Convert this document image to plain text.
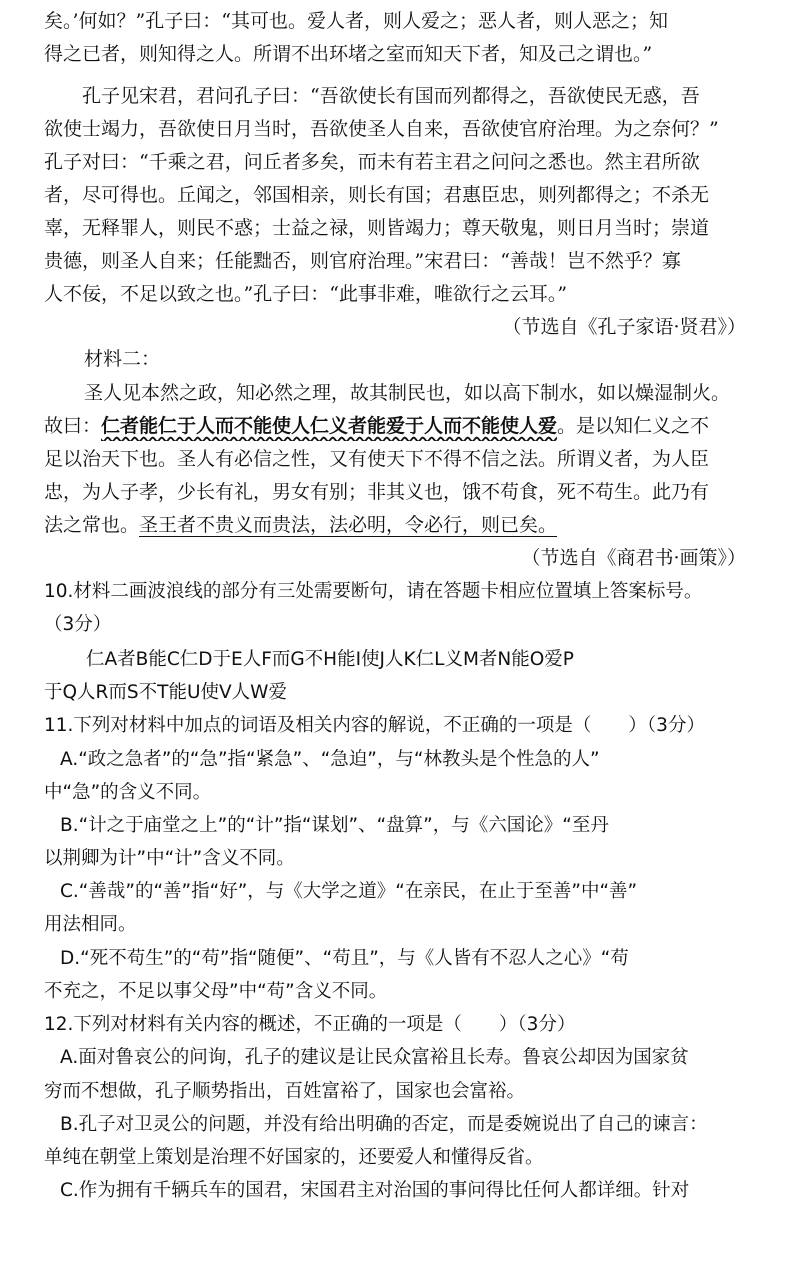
矣。’何如？”孔子曰：“其可也。爱人者，则人爱之；恶人者，则人恶之；知
得之已者，则知得之人。所谓不出环堵之室而知天下者，知及己之谓也。”
孔子见宋君，君问孔子曰：“吾欲使长有国而列都得之，吾欲使民无惑，吾
欲使士竭力，吾欲使日月当时，吾欲使圣人自来，吾欲使官府治理。为之奈何？”
孔子对曰：“千乘之君，问丘者多矣，而未有若主君之问问之悉也。然主君所欲
者，尽可得也。丘闻之，邻国相亲，则长有国；君惠臣忠，则列都得之；不杀无
辜，无释罪人，则民不惑；士益之禄，则皆竭力；尊天敬鬼，则日月当时；崇道
贵德，则圣人自来；任能黜否，则官府治理。”宋君曰：“善哉！岂不然乎？寡
人不佞，不足以致之也。”孔子曰：“此事非难，唯欲行之云耳。”
（节选自《孔子家语·贤君》）
材料二：
圣人见本然之政，知必然之理，故其制民也，如以高下制水，如以燥湿制火。
故曰：仁者能仁于人而不能使人仁义者能爱于人而不能使人爱。是以知仁义之不
足以治天下也。圣人有必信之性，又有使天下不得不信之法。所谓义者，为人臣
忠，为人子孝，少长有礼，男女有别；非其义也，饿不苟食，死不苟生。此乃有
法之常也。圣王者不贵义而贵法，法必明，令必行，则已矣。
（节选自《商君书·画策》）
10.材料二画波浪线的部分有三处需要断句，请在答题卡相应位置填上答案标号。
（3分）
仁A者B能C仁D于E人F而G不H能I使J人K仁L义M者N能O爱P
于Q人R而S不T能U使V人W爱
11.下列对材料中加点的词语及相关内容的解说，不正确的一项是（　　）（3分）
A.“政之急者”的“急”指“紧急”、“急迫”，与“林教头是个性急的人”
中“急”的含义不同。
B.“计之于庙堂之上”的“计”指“谋划”、“盘算”，与《六国论》“至丹
以荆卿为计”中“计”含义不同。
C.“善哉”的“善”指“好”，与《大学之道》“在亲民，在止于至善”中“善”
用法相同。
D.“死不苟生”的“苟”指“随便”、“苟且”，与《人皆有不忍人之心》“苟
不充之，不足以事父母”中“苟”含义不同。
12.下列对材料有关内容的概述，不正确的一项是（　　）（3分）
A.面对鲁哀公的问询，孔子的建议是让民众富裕且长寿。鲁哀公却因为国家贫
穷而不想做，孔子顺势指出，百姓富裕了，国家也会富裕。
B.孔子对卫灵公的问题，并没有给出明确的否定，而是委婉说出了自己的谏言：
单纯在朝堂上策划是治理不好国家的，还要爱人和懂得反省。
C.作为拥有千辆兵车的国君，宋国君主对治国的事问得比任何人都详细。针对
